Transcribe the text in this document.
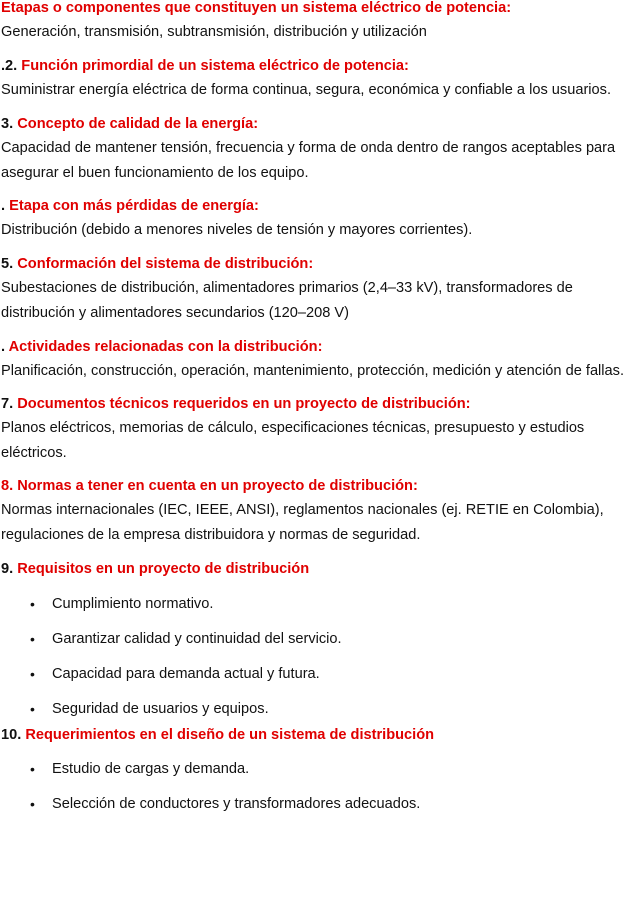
Etapas o componentes que constituyen un sistema eléctrico de potencia:

Generación, transmisión, subtransmisión, distribución y utilización

.2. Función primordial de un sistema eléctrico de potencia:

Suministrar energía eléctrica de forma continua, segura, económica y confiable a los usuarios.

3. Concepto de calidad de la energía:

Capacidad de mantener tensión, frecuencia y forma de onda dentro de rangos aceptables para asegurar el buen funcionamiento de los equipo.

. Etapa con más pérdidas de energía:

Distribución (debido a menores niveles de tensión y mayores corrientes).

5. Conformación del sistema de distribución:

Subestaciones de distribución, alimentadores primarios (2,4–33 kV), transformadores de distribución y alimentadores secundarios (120–208 V)

. Actividades relacionadas con la distribución:

Planificación, construcción, operación, mantenimiento, protección, medición y atención de fallas.

7. Documentos técnicos requeridos en un proyecto de distribución:

Planos eléctricos, memorias de cálculo, especificaciones técnicas, presupuesto y estudios eléctricos.

8. Normas a tener en cuenta en un proyecto de distribución:

Normas internacionales (IEC, IEEE, ANSI), reglamentos nacionales (ej. RETIE en Colombia), regulaciones de la empresa distribuidora y normas de seguridad.

9. Requisitos en un proyecto de distribución

• Cumplimiento normativo.
• Garantizar calidad y continuidad del servicio.
• Capacidad para demanda actual y futura.
• Seguridad de usuarios y equipos.

10. Requerimientos en el diseño de un sistema de distribución

• Estudio de cargas y demanda.
• Selección de conductores y transformadores adecuados.
